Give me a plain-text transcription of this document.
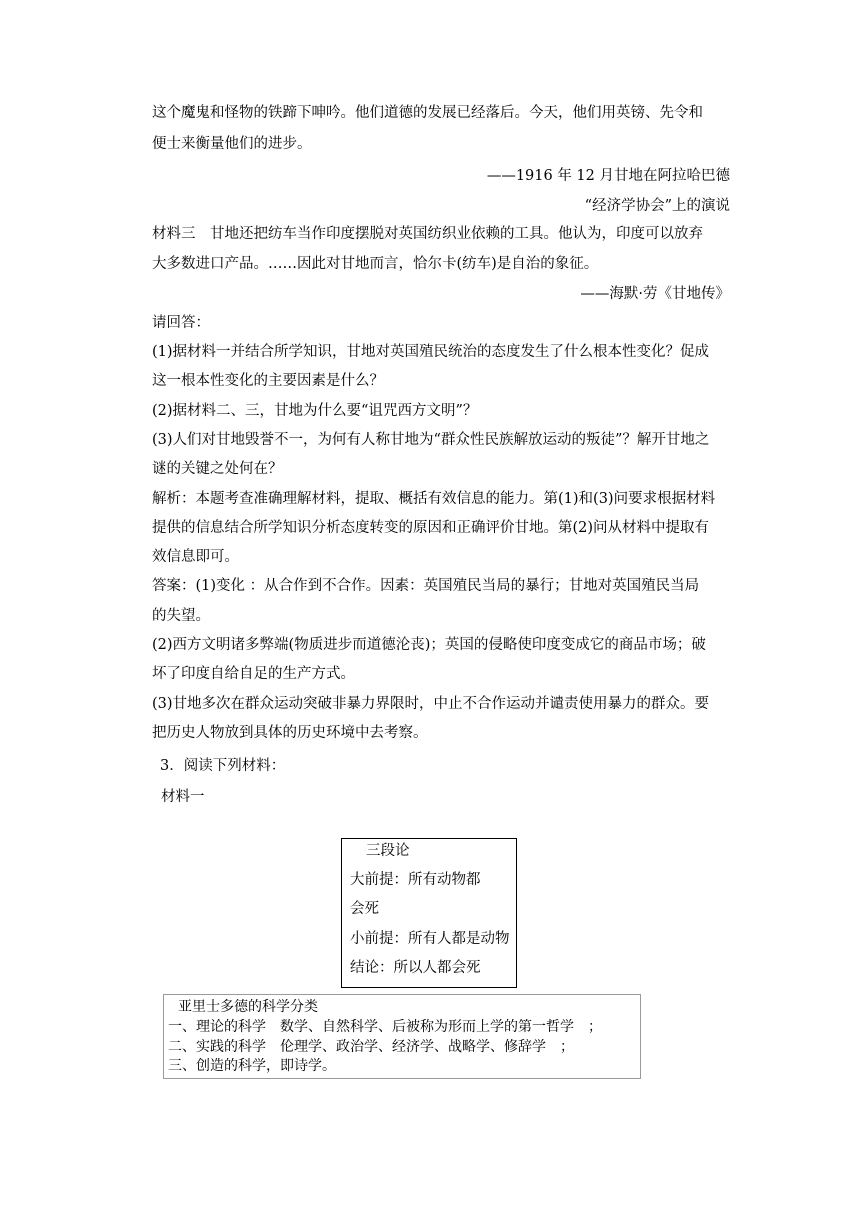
这个魔鬼和怪物的铁蹄下呻吟。他们道德的发展已经落后。今天，他们用英镑、先令和
便士来衡量他们的进步。
——1916 年 12 月甘地在阿拉哈巴德
“经济学协会”上的演说
材料三　甘地还把纺车当作印度摆脱对英国纺织业依赖的工具。他认为，印度可以放弃
大多数进口产品。……因此对甘地而言，恰尔卡(纺车)是自治的象征。
——海默·劳《甘地传》
请回答：
(1)据材料一并结合所学知识，甘地对英国殖民统治的态度发生了什么根本性变化？促成
这一根本性变化的主要因素是什么？
(2)据材料二、三，甘地为什么要“诅咒西方文明”？
(3)人们对甘地毁誉不一，为何有人称甘地为“群众性民族解放运动的叛徒”？解开甘地之
谜的关键之处何在？
解析：本题考查准确理解材料，提取、概括有效信息的能力。第(1)和(3)问要求根据材料
提供的信息结合所学知识分析态度转变的原因和正确评价甘地。第(2)问从材料中提取有
效信息即可。
答案：(1)变化 ：从合作到不合作。因素：英国殖民当局的暴行；甘地对英国殖民当局
的失望。
(2)西方文明诸多弊端(物质进步而道德沦丧)；英国的侵略使印度变成它的商品市场；破
坏了印度自给自足的生产方式。
(3)甘地多次在群众运动突破非暴力界限时，中止不合作运动并谴责使用暴力的群众。要
把历史人物放到具体的历史环境中去考察。
3．阅读下列材料：
材料一
三段论
大前提：所有动物都
会死
小前提：所有人都是动物
结论：所以人都会死
亚里士多德的科学分类
一、理论的科学　数学、自然科学、后被称为形而上学的第一哲学　；
二、实践的科学　伦理学、政治学、经济学、战略学、修辞学　；
三、创造的科学，即诗学。
